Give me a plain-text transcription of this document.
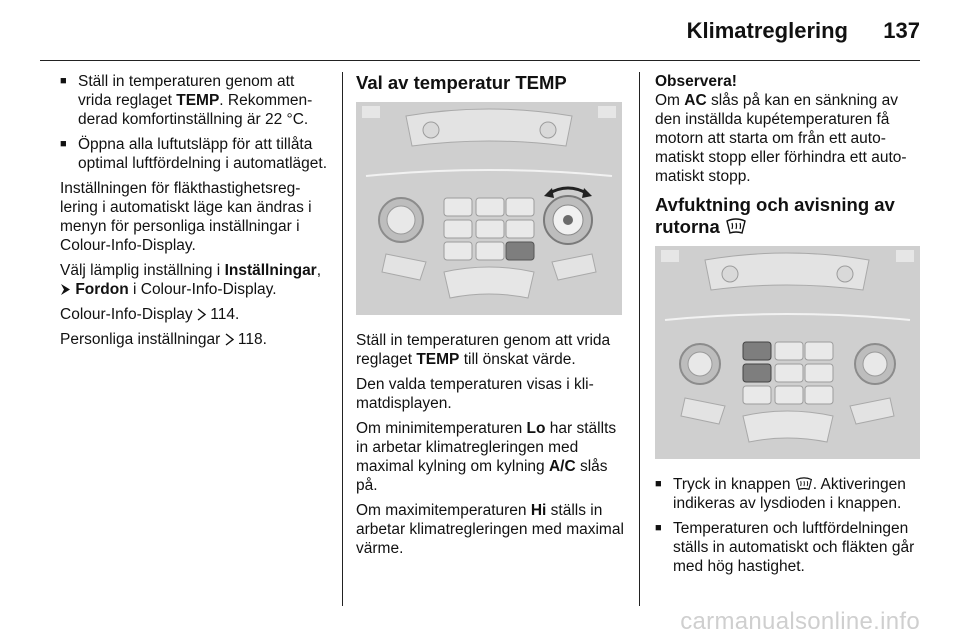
Klimatreglering 137
■ Ställ in temperaturen genom att vrida reglaget TEMP. Rekommenderad komfortinställning är 22 °C.
■ Öppna alla luftutsläpp för att tillåta optimal luftfördelning i automatläget.

Inställningen för fläkthastighetsreglering i automatiskt läge kan ändras i menyn för personliga inställningar i Colour-Info-Display.

Välj lämplig inställning i Inställningar,
Fordon i Colour-Info-Display.

Colour-Info-Display  114.

Personliga inställningar  118.

Val av temperatur TEMP

Ställ in temperaturen genom att vrida reglaget TEMP till önskat värde.

Den valda temperaturen visas i klimatdisplayen.

Om minimitemperaturen Lo har ställts in arbetar klimatregleringen med maximal kylning om kylning A/C slås på.

Om maximitemperaturen Hi ställs in arbetar klimatregleringen med maximal värme.

Observera!
Om AC slås på kan en sänkning av den inställda kupétemperaturen få motorn att starta om från ett automatiskt stopp eller förhindra ett automatiskt stopp.
Avfuktning och avisning av rutorna
■ Tryck in knappen . Aktiveringen indikeras av lysdioden i knappen.
■ Temperaturen och luftfördelningen ställs in automatiskt och fläkten går med hög hastighet.
carmanualsonline.info
